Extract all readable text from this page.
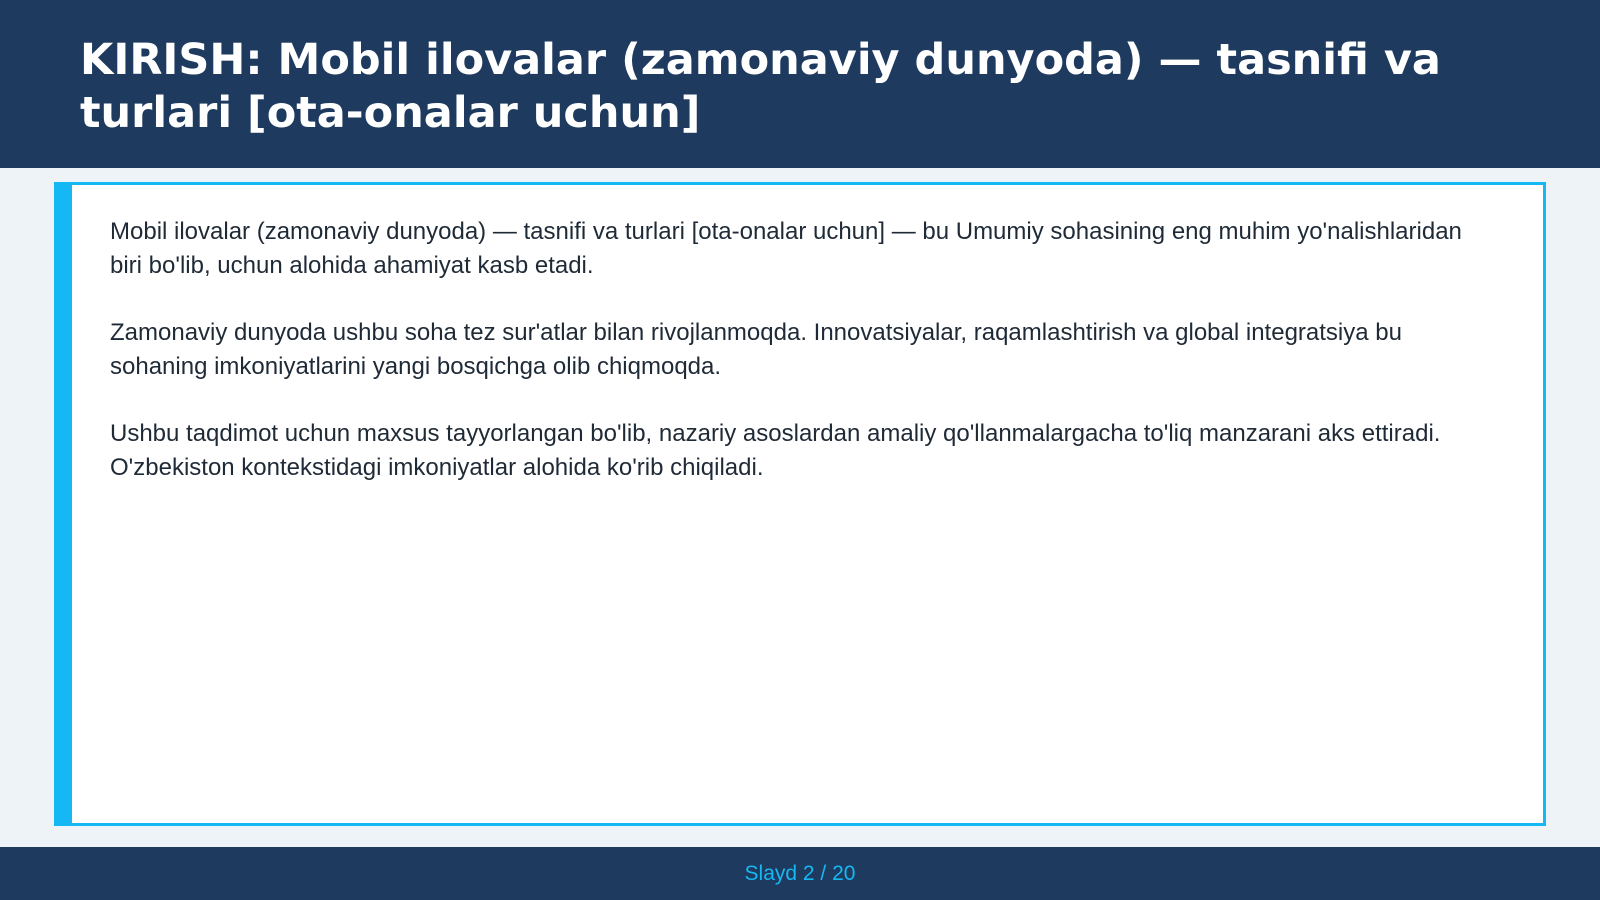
KIRISH: Mobil ilovalar (zamonaviy dunyoda) — tasnifi va turlari [ota-onalar uchun]

Mobil ilovalar (zamonaviy dunyoda) — tasnifi va turlari [ota-onalar uchun] — bu Umumiy sohasining eng muhim yo'nalishlaridan biri bo'lib, uchun alohida ahamiyat kasb etadi.

Zamonaviy dunyoda ushbu soha tez sur'atlar bilan rivojlanmoqda. Innovatsiyalar, raqamlashtirish va global integratsiya bu sohaning imkoniyatlarini yangi bosqichga olib chiqmoqda.

Ushbu taqdimot uchun maxsus tayyorlangan bo'lib, nazariy asoslardan amaliy qo'llanmalargacha to'liq manzarani aks ettiradi. O'zbekiston kontekstidagi imkoniyatlar alohida ko'rib chiqiladi.

Slayd 2 / 20
